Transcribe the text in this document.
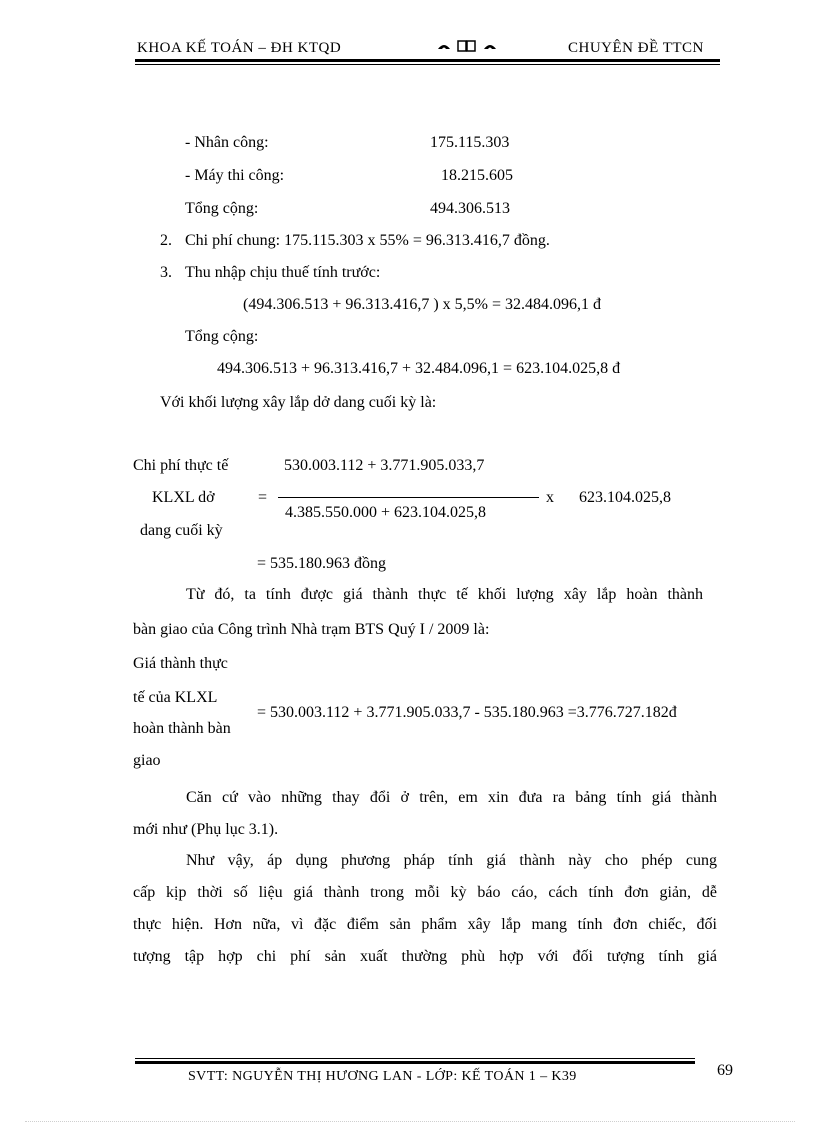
KHOA KẾ TOÁN – ĐH KTQD	CHUYÊN ĐỀ TTCN
- Nhân công:	175.115.303
- Máy thi công:	18.215.605
Tổng cộng:	494.306.513
2. Chi phí chung: 175.115.303 x 55% = 96.313.416,7 đồng.
3. Thu nhập chịu thuế tính trước:
(494.306.513 + 96.313.416,7 ) x 5,5% = 32.484.096,1 đ
Tổng cộng:
494.306.513 + 96.313.416,7 + 32.484.096,1 = 623.104.025,8 đ
Với khối lượng xây lắp dở dang cuối kỳ là:
Chi phí thực tế
KLXL dở
dang cuối kỳ
530.003.112 + 3.771.905.033,7
=	x 623.104.025,8
4.385.550.000 + 623.104.025,8
= 535.180.963 đồng
Từ đó, ta tính được giá thành thực tế khối lượng xây lắp hoàn thành
bàn giao của Công trình Nhà trạm BTS Quý I / 2009 là:
Giá thành thực
tế của KLXL
hoàn thành bàn
giao
= 530.003.112 + 3.771.905.033,7 - 535.180.963 =3.776.727.182đ
Căn cứ vào những thay đổi ở trên, em xin đưa ra bảng tính giá thành
mới như (Phụ lục 3.1).
Như vậy, áp dụng phương pháp tính giá thành này cho phép cung
cấp kịp thời số liệu giá thành trong mỗi kỳ báo cáo, cách tính đơn giản, dễ
thực hiện. Hơn nữa, vì đặc điểm sản phẩm xây lắp mang tính đơn chiếc, đối
tượng tập hợp chi phí sản xuất thường phù hợp với đối tượng tính giá
SVTT: NGUYỄN THỊ HƯƠNG LAN - LỚP: KẾ TOÁN 1 – K39	69
